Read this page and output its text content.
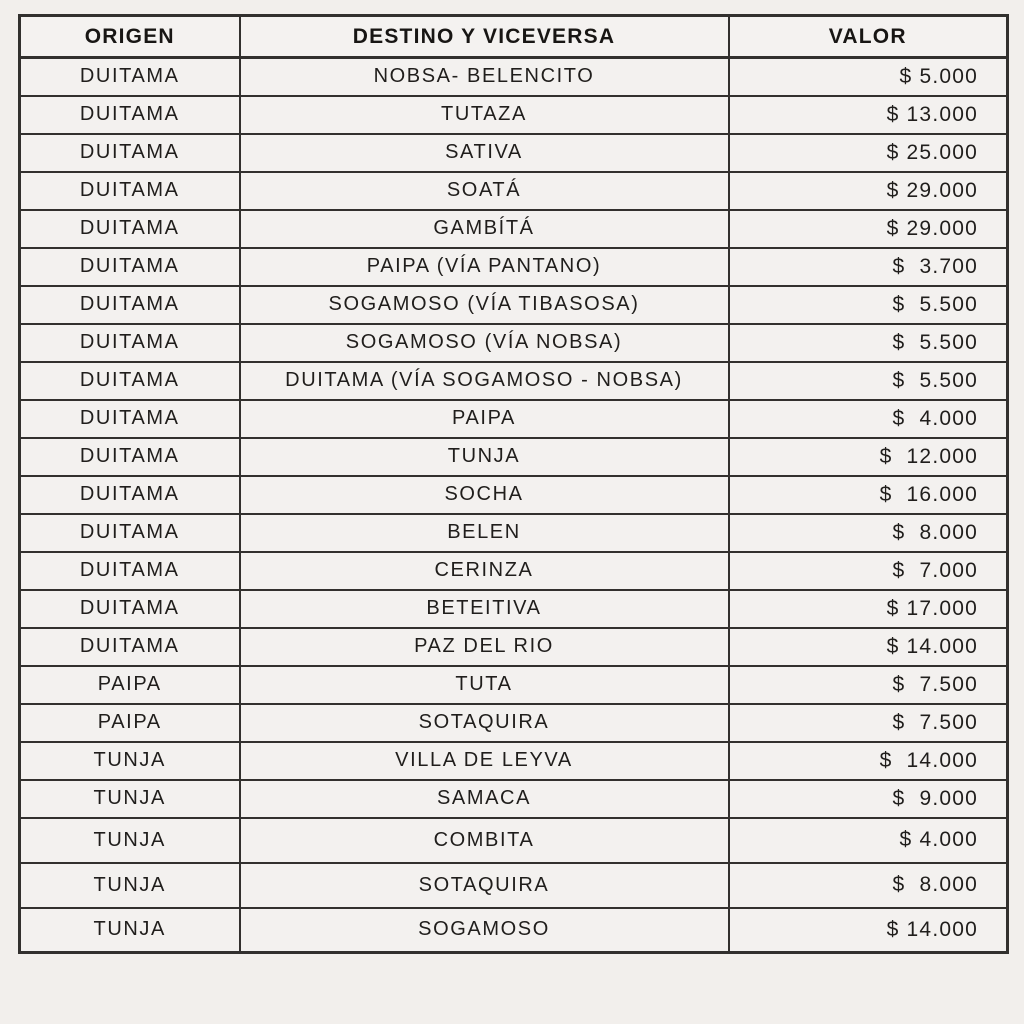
ORIGEN	DESTINO Y VICEVERSA	VALOR
DUITAMA	NOBSA- BELENCITO	$ 5.000
DUITAMA	TUTAZA	$ 13.000
DUITAMA	SATIVA	$ 25.000
DUITAMA	SOATÁ	$ 29.000
DUITAMA	GAMBÍTÁ	$ 29.000
DUITAMA	PAIPA (VÍA PANTANO)	$  3.700
DUITAMA	SOGAMOSO (VÍA TIBASOSA)	$  5.500
DUITAMA	SOGAMOSO (VÍA NOBSA)	$  5.500
DUITAMA	DUITAMA (VÍA SOGAMOSO - NOBSA)	$  5.500
DUITAMA	PAIPA	$  4.000
DUITAMA	TUNJA	$  12.000
DUITAMA	SOCHA	$  16.000
DUITAMA	BELEN	$  8.000
DUITAMA	CERINZA	$  7.000
DUITAMA	BETEITIVA	$ 17.000
DUITAMA	PAZ DEL RIO	$ 14.000
PAIPA	TUTA	$  7.500
PAIPA	SOTAQUIRA	$  7.500
TUNJA	VILLA DE LEYVA	$  14.000
TUNJA	SAMACA	$  9.000
TUNJA	COMBITA	$ 4.000
TUNJA	SOTAQUIRA	$  8.000
TUNJA	SOGAMOSO	$ 14.000
